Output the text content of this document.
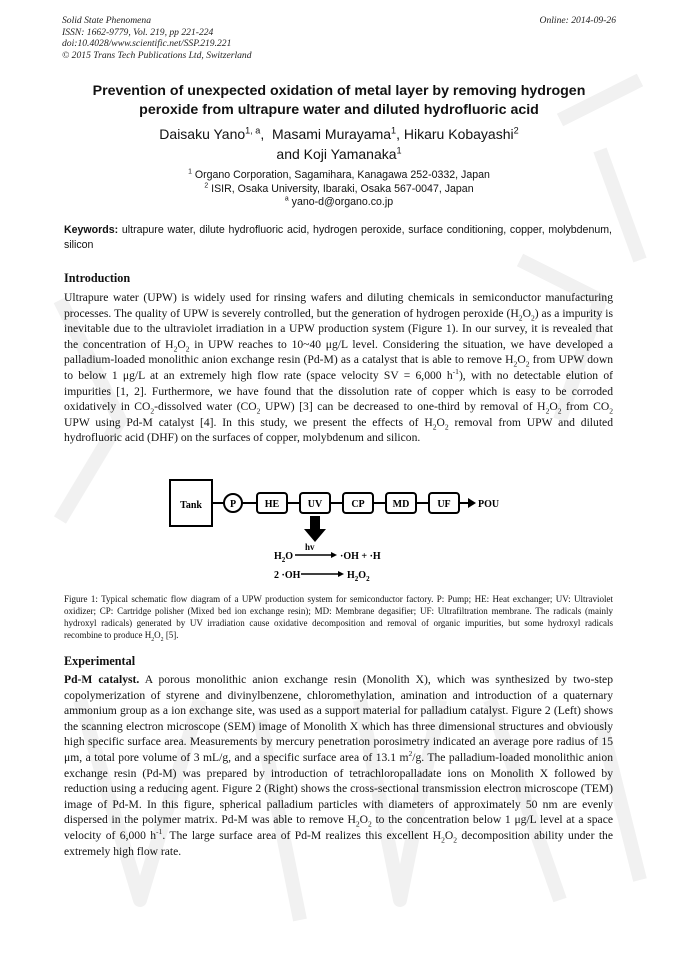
Solid State Phenomena
ISSN: 1662-9779, Vol. 219, pp 221-224
doi:10.4028/www.scientific.net/SSP.219.221
© 2015 Trans Tech Publications Ltd, Switzerland
Online: 2014-09-26
Prevention of unexpected oxidation of metal layer by removing hydrogen
peroxide from ultrapure water and diluted hydrofluoric acid
Daisaku Yano$^{1, a}$,  Masami Murayama$^1$, Hikaru Kobayashi$^2$
and Koji Yamanaka$^1$
$^1$ Organo Corporation, Sagamihara, Kanagawa 252-0332, Japan
$^2$ ISIR, Osaka University, Ibaraki, Osaka 567-0047, Japan
$^a$ yano-d@organo.co.jp
Keywords: ultrapure water, dilute hydrofluoric acid, hydrogen peroxide, surface conditioning, copper, molybdenum, silicon
Introduction
Ultrapure water (UPW) is widely used for rinsing wafers and diluting chemicals in semiconductor manufacturing processes. The quality of UPW is severely controlled, but the generation of hydrogen peroxide $(H_2O_2)$ as a impurity is inevitable due to the ultraviolet irradiation in a UPW production system (Figure 1). In our survey, it is revealed that the concentration of $H_2O_2$ in UPW reaches to 10~40 μg/L level. Considering the situation, we have developed a palladium-loaded monolithic anion exchange resin (Pd-M) as a catalyst that is able to remove $H_2O_2$ from UPW down to below 1 μg/L at an extremely high flow rate (space velocity SV = 6,000 $h^{-1}$), with no detectable elution of impurities [1, 2]. Furthermore, we have found that the dissolution rate of copper which is easy to be corroded oxidatively in $CO_2$-dissolved water ($CO_2$ UPW) [3] can be decreased to one-third by removal of $H_2O_2$ from $CO_2$ UPW using Pd-M catalyst [4]. In this study, we present the effects of $H_2O_2$ removal from UPW and diluted hydrofluoric acid (DHF) on the surfaces of copper, molybdenum and silicon.
Tank	P	HE	UV	CP	MD	UF	POU
$H_2O$
hv
·OH + ·H
2 ·OH	$H_2O_2$
Figure 1: Typical schematic flow diagram of a UPW production system for semiconductor factory. P: Pump; HE: Heat exchanger; UV: Ultraviolet oxidizer; CP: Cartridge polisher (Mixed bed ion exchange resin); MD: Membrane degasifier; UF: Ultrafiltration membrane. The radicals (mainly hydroxyl radicals) generated by UV irradiation cause oxidative decomposition and removal of organic impurities, but some hydroxyl radicals recombine to produce $H_2O_2$ [5].
Experimental
Pd-M catalyst. A porous monolithic anion exchange resin (Monolith X), which was synthesized by two-step copolymerization of styrene and divinylbenzene, chloromethylation, amination and introduction of a quaternary ammonium group as a ion exchange site, was used as a support material for palladium catalyst. Figure 2 (Left) shows the scanning electron microscope (SEM) image of Monolith X which has three dimensional structures and obviously high specific surface area. Measurements by mercury penetration porosimetry indicated an average pore radius of 15 μm, a total pore volume of 3 mL/g, and a specific surface area of 13.1 $m^2/g$. The palladium-loaded monolithic anion exchange resin (Pd-M) was prepared by introduction of tetrachloropalladate ions on Monolith X followed by reduction using a reducing agent. Figure 2 (Right) shows the cross-sectional transmission electron microscope (TEM) image of Pd-M. In this figure, spherical palladium particles with diameters of approximately 50 nm are evenly dispersed in the polymer matrix. Pd-M was able to remove $H_2O_2$ to the concentration below 1 μg/L level at a space velocity of 6,000 $h^{-1}$. The large surface area of Pd-M realizes this excellent $H_2O_2$ decomposition ability under the extremely high flow rate.
